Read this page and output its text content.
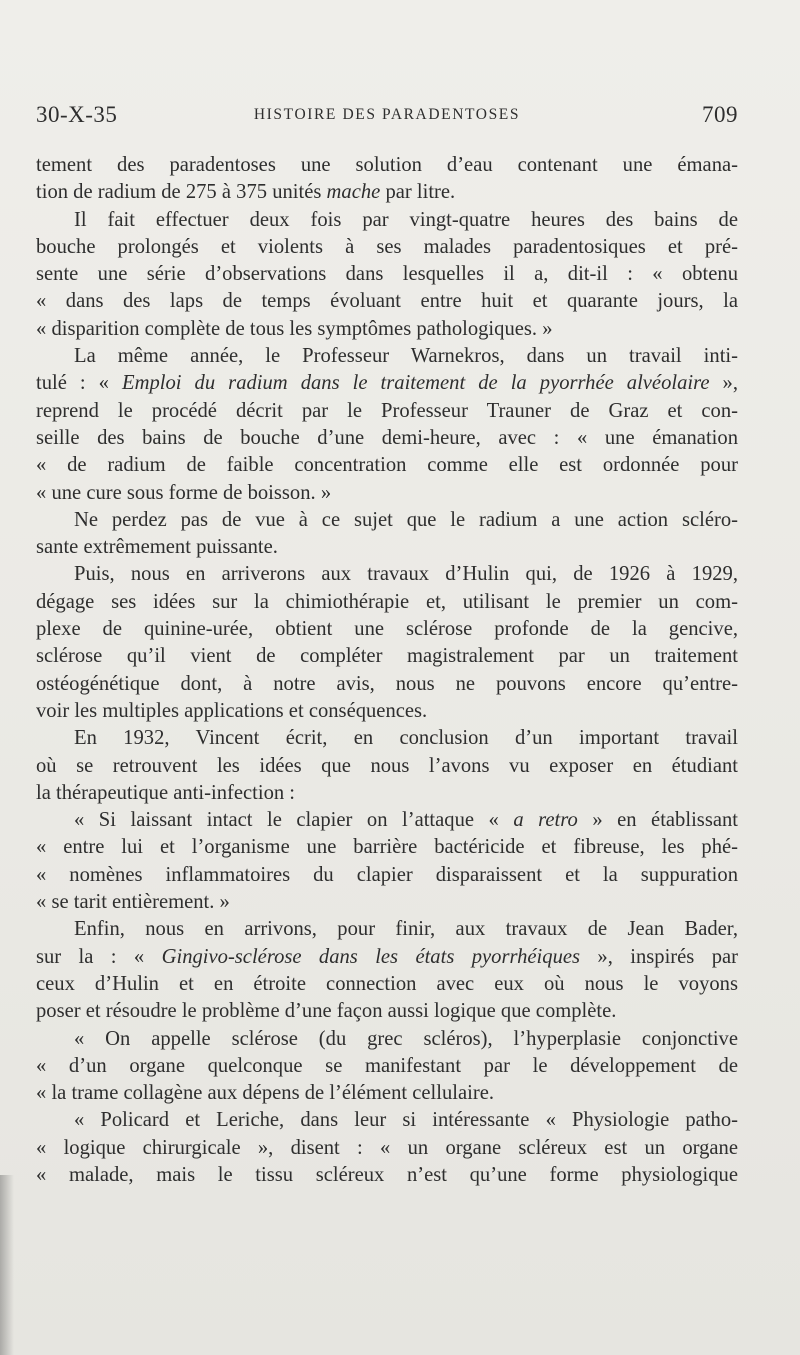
30-X-35	HISTOIRE DES PARADENTOSES	709
tement des paradentoses une solution d’eau contenant une émana-
tion de radium de 275 à 375 unités mache par litre.
Il fait effectuer deux fois par vingt-quatre heures des bains de
bouche prolongés et violents à ses malades paradentosiques et pré-
sente une série d’observations dans lesquelles il a, dit-il : « obtenu
« dans des laps de temps évoluant entre huit et quarante jours, la
« disparition complète de tous les symptômes pathologiques. »
La même année, le Professeur Warnekros, dans un travail inti-
tulé : « Emploi du radium dans le traitement de la pyorrhée alvéolaire »,
reprend le procédé décrit par le Professeur Trauner de Graz et con-
seille des bains de bouche d’une demi-heure, avec : « une émanation
« de radium de faible concentration comme elle est ordonnée pour
« une cure sous forme de boisson. »
Ne perdez pas de vue à ce sujet que le radium a une action scléro-
sante extrêmement puissante.
Puis, nous en arriverons aux travaux d’Hulin qui, de 1926 à 1929,
dégage ses idées sur la chimiothérapie et, utilisant le premier un com-
plexe de quinine-urée, obtient une sclérose profonde de la gencive,
sclérose qu’il vient de compléter magistralement par un traitement
ostéogénétique dont, à notre avis, nous ne pouvons encore qu’entre-
voir les multiples applications et conséquences.
En 1932, Vincent écrit, en conclusion d’un important travail
où se retrouvent les idées que nous l’avons vu exposer en étudiant
la thérapeutique anti-infection :
« Si laissant intact le clapier on l’attaque « a retro » en établissant
« entre lui et l’organisme une barrière bactéricide et fibreuse, les phé-
« nomènes inflammatoires du clapier disparaissent et la suppuration
« se tarit entièrement. »
Enfin, nous en arrivons, pour finir, aux travaux de Jean Bader,
sur la : « Gingivo-sclérose dans les états pyorrhéiques », inspirés par
ceux d’Hulin et en étroite connection avec eux où nous le voyons
poser et résoudre le problème d’une façon aussi logique que complète.
« On appelle sclérose (du grec scléros), l’hyperplasie conjonctive
« d’un organe quelconque se manifestant par le développement de
« la trame collagène aux dépens de l’élément cellulaire.
« Policard et Leriche, dans leur si intéressante « Physiologie patho-
« logique chirurgicale », disent : « un organe scléreux est un organe
« malade, mais le tissu scléreux n’est qu’une forme physiologique
